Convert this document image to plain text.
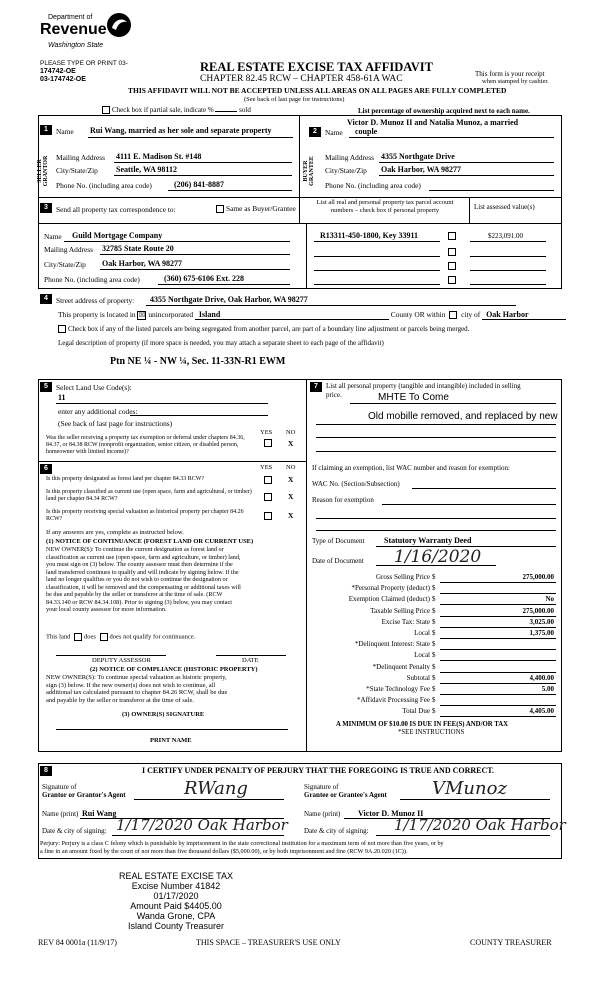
Department of
Revenue
Washington State
PLEASE TYPE OR PRINT 03-
174742-OE
03-174742-OE
REAL ESTATE EXCISE TAX AFFIDAVIT
CHAPTER 82.45 RCW – CHAPTER 458-61A WAC	This form is your receipt
when stamped by cashier.
THIS AFFIDAVIT WILL NOT BE ACCEPTED UNLESS ALL AREAS ON ALL PAGES ARE FULLY COMPLETED
(See back of last page for instructions)
Check box if partial sale, indicate %	sold	List percentage of ownership acquired next to each name.
1
SELLER GRANTOR
Name Rui Wang, married as her sole and separate property
Mailing Address 4111 E. Madison St. #148
City/State/Zip Seattle, WA 98112
Phone No. (including area code)	(206) 841-8887
2
BUYER GRANTEE
Victor D. Munoz II and Natalia Munoz, a married
Name couple
Mailing Address 4355 Northgate Drive
City/State/Zip Oak Harbor, WA 98277
Phone No. (including area code)
3	Send all property tax correspondence to:	Same as Buyer/Grantee
Name Guild Mortgage Company
Mailing Address 32785 State Route 20
City/State/Zip Oak Harbor, WA 98277
Phone No. (including area code)	(360) 675-6106 Ext. 228
List all real and personal property tax parcel account numbers – check box if personal property	List assessed value(s)
R13311-450-1800, Key 33911	$223,091.00
4	Street address of property: 4355 Northgate Drive, Oak Harbor, WA 98277
This property is located in ☒ unincorporated Island	County OR within city of Oak Harbor
Check box if any of the listed parcels are being segregated from another parcel, are part of a boundary line adjustment or parcels being merged.
Legal description of property (if more space is needed, you may attach a separate sheet to each page of the affidavit)
Ptn NE ¼ - NW ¼, Sec. 11-33N-R1 EWM
5	Select Land Use Code(s):
11
enter any additional codes:
(See back of last page for instructions)
YES NO
Was the seller receiving a property tax exemption or deferral under chapters 84.36, 84.37, or 84.38 RCW (nonprofit organization, senior citizen, or disabled person, homeowner with limited income)?
X
6	YES NO
Is this property designated as forest land per chapter 84.33 RCW?	X
Is this property classified as current use (open space, farm and agricultural, or timber) land per chapter 84.34 RCW?	X
Is this property receiving special valuation as historical property per chapter 84.26 RCW?	X
If any answers are yes, complete as instructed below.
(1) NOTICE OF CONTINUANCE (FOREST LAND OR CURRENT USE)
NEW OWNER(S): To continue the current designation as forest land or
classification as current use (open space, farm and agriculture, or timber) land,
you must sign on (3) below. The county assessor must then determine if the
land transferred continues to qualify and will indicate by signing below. If the
land no longer qualifies or you do not wish to continue the designation or
classification, it will be removed and the compensating or additional taxes will
be due and payable by the seller or transferor at the time of sale. (RCW
84.33.140 or RCW 84.34.108). Prior to signing (3) below, you may contact
your local county assessor for more information.
This land does does not qualify for continuance.
DEPUTY ASSESSOR	DATE
(2) NOTICE OF COMPLIANCE (HISTORIC PROPERTY)
NEW OWNER(S): To continue special valuation as historic property,
sign (3) below. If the new owner(s) does not wish to continue, all
additional tax calculated pursuant to chapter 84.26 RCW, shall be due
and payable by the seller or transferor at the time of sale.
(3) OWNER(S) SIGNATURE
PRINT NAME
7	List all personal property (tangible and intangible) included in selling
price.	MHTE To Come
Old mobille removed, and replaced by new
If claiming an exemption, list WAC number and reason for exemption:
WAC No. (Section/Subsection)
Reason for exemption
Type of Document Statutory Warranty Deed
Date of Document 1/16/2020
Gross Selling Price $	275,000.00
*Personal Property (deduct) $
Exemption Claimed (deduct) $	No
Taxable Selling Price $	275,000.00
Excise Tax: State $	3,025.00
Local $	1,375.00
*Delinquent Interest: State $
Local $
*Delinquent Penalty $
Subtotal $	4,400.00
*State Technology Fee $	5.00
*Affidavit Processing Fee $
Total Due $	4,405.00
A MINIMUM OF $10.00 IS DUE IN FEE(S) AND/OR TAX
*SEE INSTRUCTIONS
8	I CERTIFY UNDER PENALTY OF PERJURY THAT THE FOREGOING IS TRUE AND CORRECT.
Signature of
Grantor or Grantor's Agent	RWang	Signature of
Grantee or Grantee's Agent	VMunoz
Name (print) Rui Wang	Name (print) Victor D. Munoz II
Date & city of signing: 1/17/2020 Oak Harbor Date & city of signing: 1/17/2020 Oak Harbor
Perjury: Perjury is a class C felony which is punishable by imprisonment in the state correctional institution for a maximum term of not more than five years, or by
a fine in an amount fixed by the court of not more than five thousand dollars ($5,000.00), or by both imprisonment and fine (RCW 9A.20.020 (1C)).
REAL ESTATE EXCISE TAX
Excise Number 41842
01/17/2020
Amount Paid $4405.00
Wanda Grone, CPA
Island County Treasurer
REV 84 0001a (11/9/17)	THIS SPACE – TREASURER'S USE ONLY	COUNTY TREASURER
